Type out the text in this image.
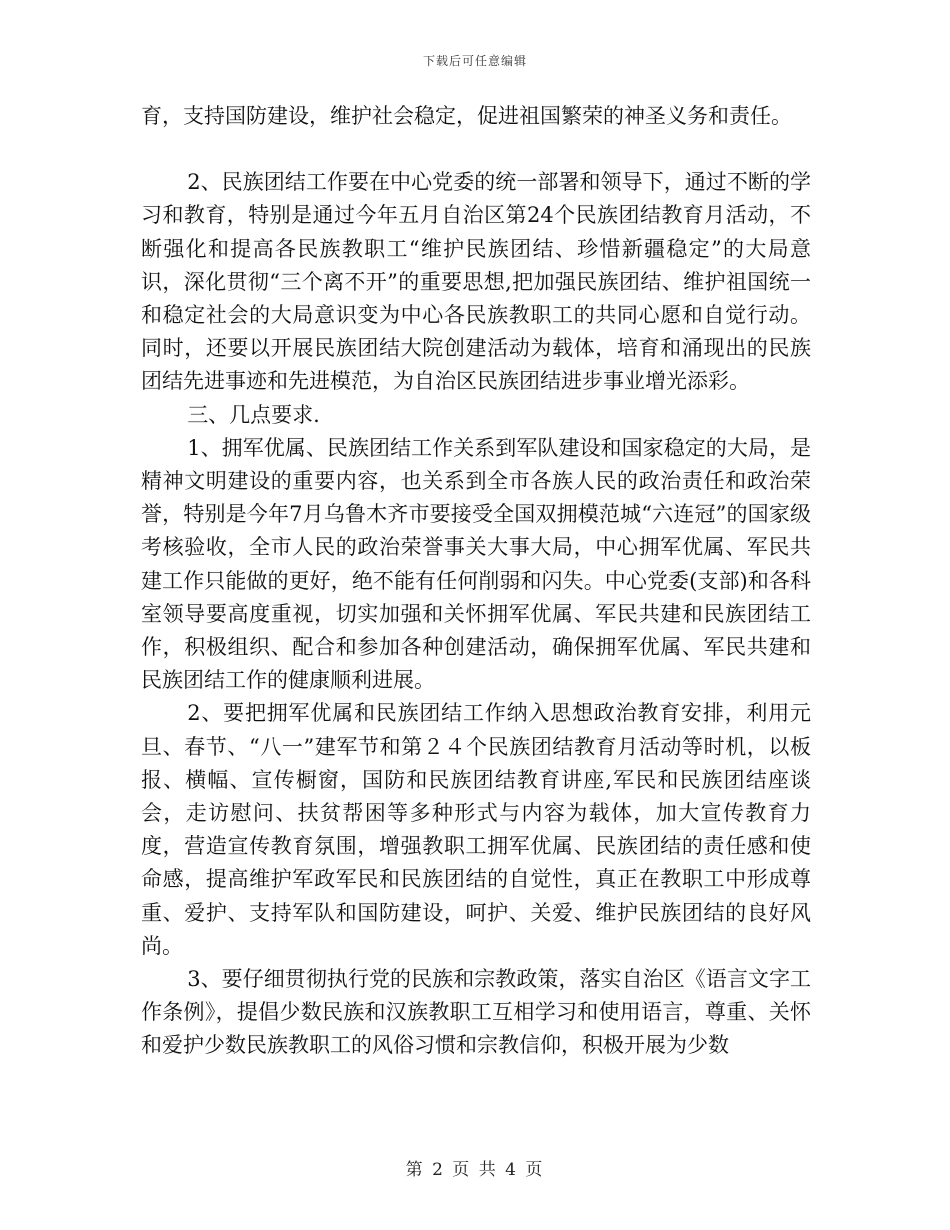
下载后可任意编辑

育，支持国防建设，维护社会稳定，促进祖国繁荣的神圣义务和责任。

2、民族团结工作要在中心党委的统一部署和领导下，通过不断的学习和教育，特别是通过今年五月自治区第24个民族团结教育月活动，不断强化和提高各民族教职工“维护民族团结、珍惜新疆稳定”的大局意识，深化贯彻“三个离不开”的重要思想,把加强民族团结、维护祖国统一和稳定社会的大局意识变为中心各民族教职工的共同心愿和自觉行动。同时，还要以开展民族团结大院创建活动为载体，培育和涌现出的民族团结先进事迹和先进模范，为自治区民族团结进步事业增光添彩。

三、几点要求.

1、拥军优属、民族团结工作关系到军队建设和国家稳定的大局，是精神文明建设的重要内容，也关系到全市各族人民的政治责任和政治荣誉，特别是今年7月乌鲁木齐市要接受全国双拥模范城“六连冠”的国家级考核验收，全市人民的政治荣誉事关大事大局，中心拥军优属、军民共建工作只能做的更好，绝不能有任何削弱和闪失。中心党委(支部)和各科室领导要高度重视，切实加强和关怀拥军优属、军民共建和民族团结工作，积极组织、配合和参加各种创建活动，确保拥军优属、军民共建和民族团结工作的健康顺利进展。

2、要把拥军优属和民族团结工作纳入思想政治教育安排，利用元旦、春节、“八一”建军节和第２４个民族团结教育月活动等时机，以板报、横幅、宣传橱窗，国防和民族团结教育讲座,军民和民族团结座谈会，走访慰问、扶贫帮困等多种形式与内容为载体，加大宣传教育力度，营造宣传教育氛围，增强教职工拥军优属、民族团结的责任感和使命感，提高维护军政军民和民族团结的自觉性，真正在教职工中形成尊重、爱护、支持军队和国防建设，呵护、关爱、维护民族团结的良好风尚。

3、要仔细贯彻执行党的民族和宗教政策，落实自治区《语言文字工作条例》，提倡少数民族和汉族教职工互相学习和使用语言，尊重、关怀和爱护少数民族教职工的风俗习惯和宗教信仰，积极开展为少数

第 2 页 共 4 页
